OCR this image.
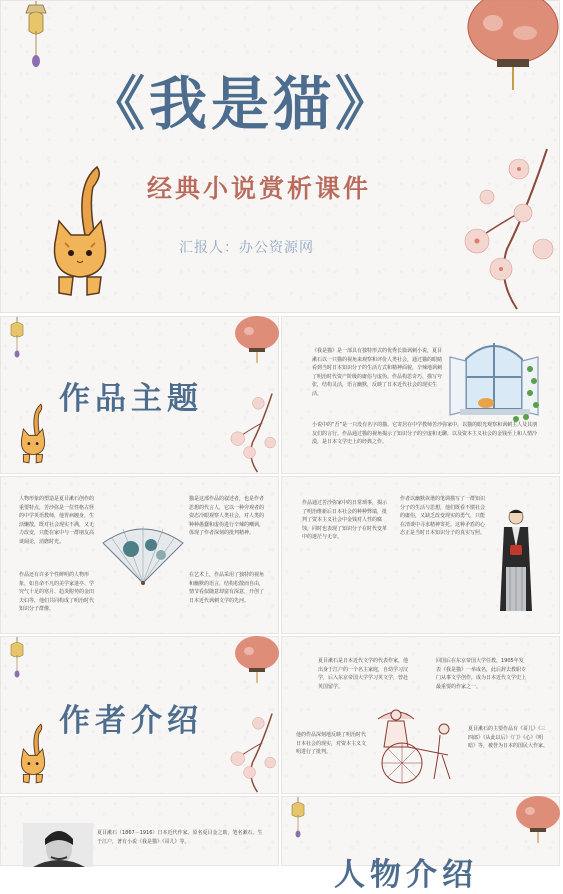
《我是猫》
经典小说赏析课件
汇报人：办公资源网
作品主题
《我是猫》是一部具有独特形式的优秀长篇讽刺小说，夏目漱石以一只猫的视角来观察和评价人类社会，通过猫的眼睛看到当时日本知识分子的生活方式和精神面貌，辛辣地讽刺了明治时代资产阶级的庸俗与虚伪。作品构思奇巧，描写夸张，结构灵活，语言幽默，反映了日本近代社会的现实生活。
小说中的“吾”是一只没有名字的猫，它寄居在中学教师苦沙弥家中，以猫的眼光观察和讽刺主人及其朋友们的言行。作品通过猫的视角揭示了知识分子的空虚和无聊，以及资本主义社会的金钱至上和人情冷漠，是日本文学史上的经典之作。
人物形象的塑造是夏目漱石创作的重要特点，苦沙弥是一位性格古怪的中学英语教师，他胃病缠身，生活懒散，既对社会现实不满，又无力改变，只能在家中与一群朋友高谈阔论，消磨时光。
作品还有许多个性鲜明的人物形象，如自命不凡的美学家迷亭、学究气十足的寒月、趋炎附势的金田夫妇等，他们共同构成了明治时代知识分子群像。
猫是这部作品的叙述者，也是作者思想的代言人，它以一种旁观者的姿态冷眼观察人类社会，对人类的种种愚蠢和虚伪进行辛辣的嘲讽，体现了作者深刻的批判精神。
在艺术上，作品采用了独特的视角和幽默的语言，结构松散而自由，情节看似随意却富有深意，开创了日本近代讽刺文学的先河。
作品通过苦沙弥家中的日常琐事，揭示了明治维新后日本社会的种种弊端，批判了资本主义社会中金钱对人性的腐蚀，同时也表现了知识分子在时代变革中的迷茫与无奈。
作者以幽默诙谐的笔调描写了一群知识分子的生活与思想，他们既看不惯社会的庸俗，又缺乏改变现实的勇气，只能在清谈中寻求精神寄托。这种矛盾的心态正是当时日本知识分子的真实写照。
作者介绍
夏目漱石是日本近代文学的代表作家，他出身于江户的一个名主家庭，自幼学习汉学，后入东京帝国大学学习英文学，曾赴英国留学。
回国后在东京帝国大学任教，1905年发表《我是猫》一举成名，此后辞去教职专门从事文学创作，成为日本近代文学史上最重要的作家之一。
他的作品深刻地反映了明治时代日本社会的现实，对资本主义文明进行了批判。
夏目漱石的主要作品有《哥儿》《三四郎》《从此以后》《门》《心》《明暗》等，被誉为日本的国民大作家。
夏目漱石（1867－1916）日本近代作家。原名夏目金之助，笔名漱石。生于江户，著有小说《我是猫》《哥儿》等。
人物介绍
